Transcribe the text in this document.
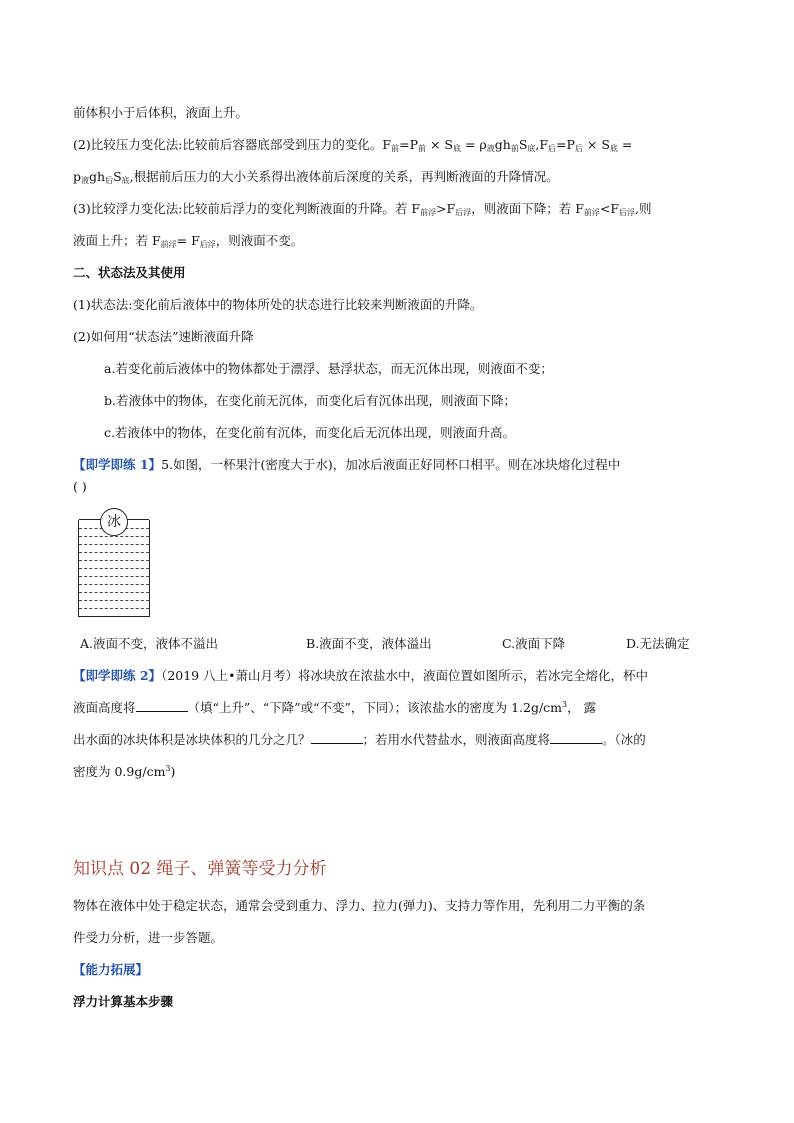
前体积小于后体积，液面上升。
(2)比较压力变化法:比较前后容器底部受到压力的变化。$F_前=P_前 \times S_底 = \rho_液gh_前S_底,F_后=P_后 \times S_底$ =
$p_液gh_后S_底$,根据前后压力的大小关系得出液体前后深度的关系，再判断液面的升降情况。
(3)比较浮力变化法:比较前后浮力的变化判断液面的升降。若 $F_{前浮}>F_{后浮}$，则液面下降；若 $F_{前浮}<F_{后浮}$,则
液面上升；若 $F_{前浮}= F_{后浮}$，则液面不变。
二、状态法及其使用
(1)状态法:变化前后液体中的物体所处的状态进行比较来判断液面的升降。
(2)如何用“状态法”速断液面升降
a.若变化前后液体中的物体都处于漂浮、悬浮状态，而无沉体出现，则液面不变；
b.若液体中的物体，在变化前无沉体，而变化后有沉体出现，则液面下降；
c.若液体中的物体，在变化前有沉体，而变化后无沉体出现，则液面升高。
【即学即练 1】5.如图，一杯果汁(密度大于水)，加冰后液面正好同杯口相平。则在冰块熔化过程中
( )
冰
A.液面不变，液体不溢出	B.液面不变，液体溢出	C.液面下降	D.无法确定
【即学即练 2】（2019 八上•萧山月考）将冰块放在浓盐水中，液面位置如图所示，若冰完全熔化，杯中
液面高度将	（填“上升”、“下降”或“不变”，下同）；该浓盐水的密度为 $1.2g/cm^3$， 露
出水面的冰块体积是冰块体积的几分之几？	；若用水代替盐水，则液面高度将	。（冰的
密度为 $0.9g/cm^3$)
知识点 02 绳子、弹簧等受力分析
物体在液体中处于稳定状态，通常会受到重力、浮力、拉力(弹力)、支持力等作用，先利用二力平衡的条
件受力分析，进一步答题。
【能力拓展】
浮力计算基本步骤
